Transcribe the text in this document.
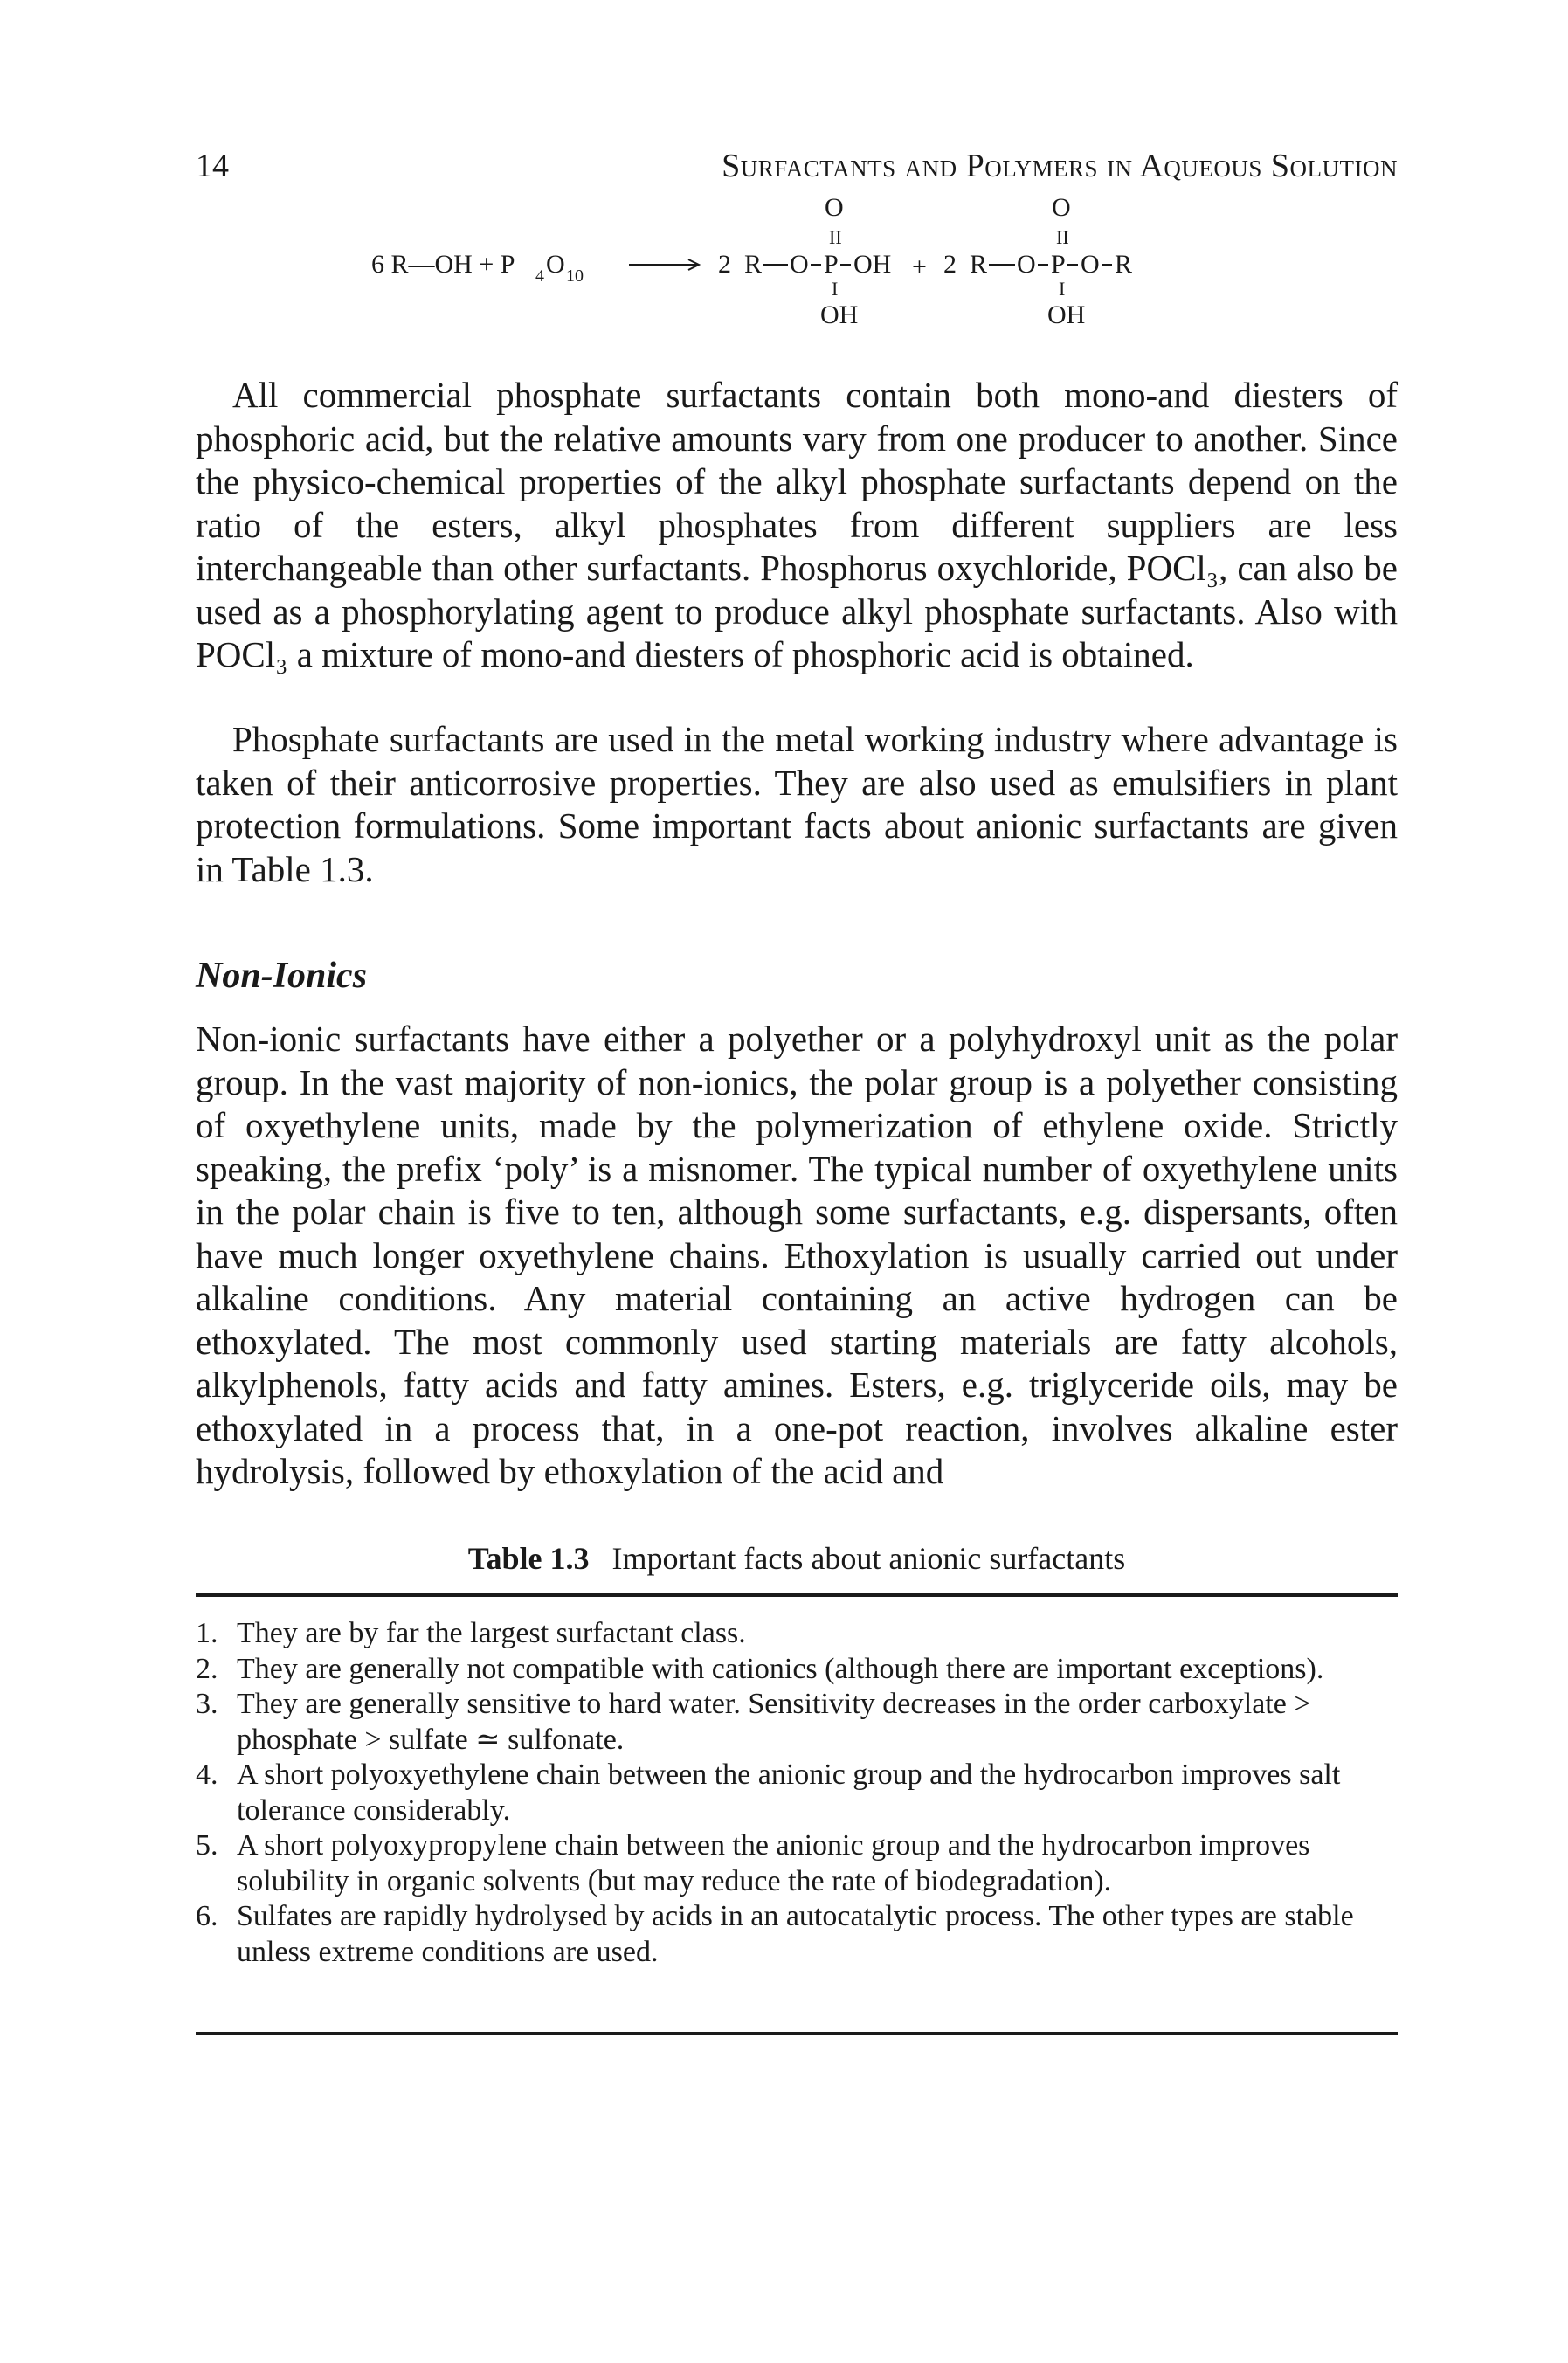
14	Surfactants and Polymers in Aqueous Solution
6 R—OH + P 4 O 10	2 R O P
O
II
OH
I
OH
+ 2 R O P
O
II
O R
I
OH

All commercial phosphate surfactants contain both mono-and diesters of phosphoric acid, but the relative amounts vary from one producer to another. Since the physico-chemical properties of the alkyl phosphate surfactants depend on the ratio of the esters, alkyl phosphates from different suppliers are less interchangeable than other surfactants. Phosphorus oxychloride, POCl₃, can also be used as a phosphorylating agent to produce alkyl phosphate surfactants. Also with POCl₃ a mixture of mono-and diesters of phosphoric acid is obtained.

Phosphate surfactants are used in the metal working industry where advantage is taken of their anticorrosive properties. They are also used as emulsifiers in plant protection formulations. Some important facts about anionic surfactants are given in Table 1.3.

Non-Ionics

Non-ionic surfactants have either a polyether or a polyhydroxyl unit as the polar group. In the vast majority of non-ionics, the polar group is a polyether consisting of oxyethylene units, made by the polymerization of ethylene oxide. Strictly speaking, the prefix ‘poly’ is a misnomer. The typical number of oxyethylene units in the polar chain is five to ten, although some surfactants, e.g. dispersants, often have much longer oxyethylene chains. Ethoxylation is usually carried out under alkaline conditions. Any material containing an active hydrogen can be ethoxylated. The most commonly used starting materials are fatty alcohols, alkylphenols, fatty acids and fatty amines. Esters, e.g. triglyceride oils, may be ethoxylated in a process that, in a one-pot reaction, involves alkaline ester hydrolysis, followed by ethoxylation of the acid and

Table 1.3 Important facts about anionic surfactants
1. They are by far the largest surfactant class.
2. They are generally not compatible with cationics (although there are important exceptions).
3. They are generally sensitive to hard water. Sensitivity decreases in the order carboxylate > phosphate > sulfate ≃ sulfonate.
4. A short polyoxyethylene chain between the anionic group and the hydrocarbon improves salt tolerance considerably.
5. A short polyoxypropylene chain between the anionic group and the hydrocarbon improves solubility in organic solvents (but may reduce the rate of biodegradation).
6. Sulfates are rapidly hydrolysed by acids in an autocatalytic process. The other types are stable unless extreme conditions are used.
